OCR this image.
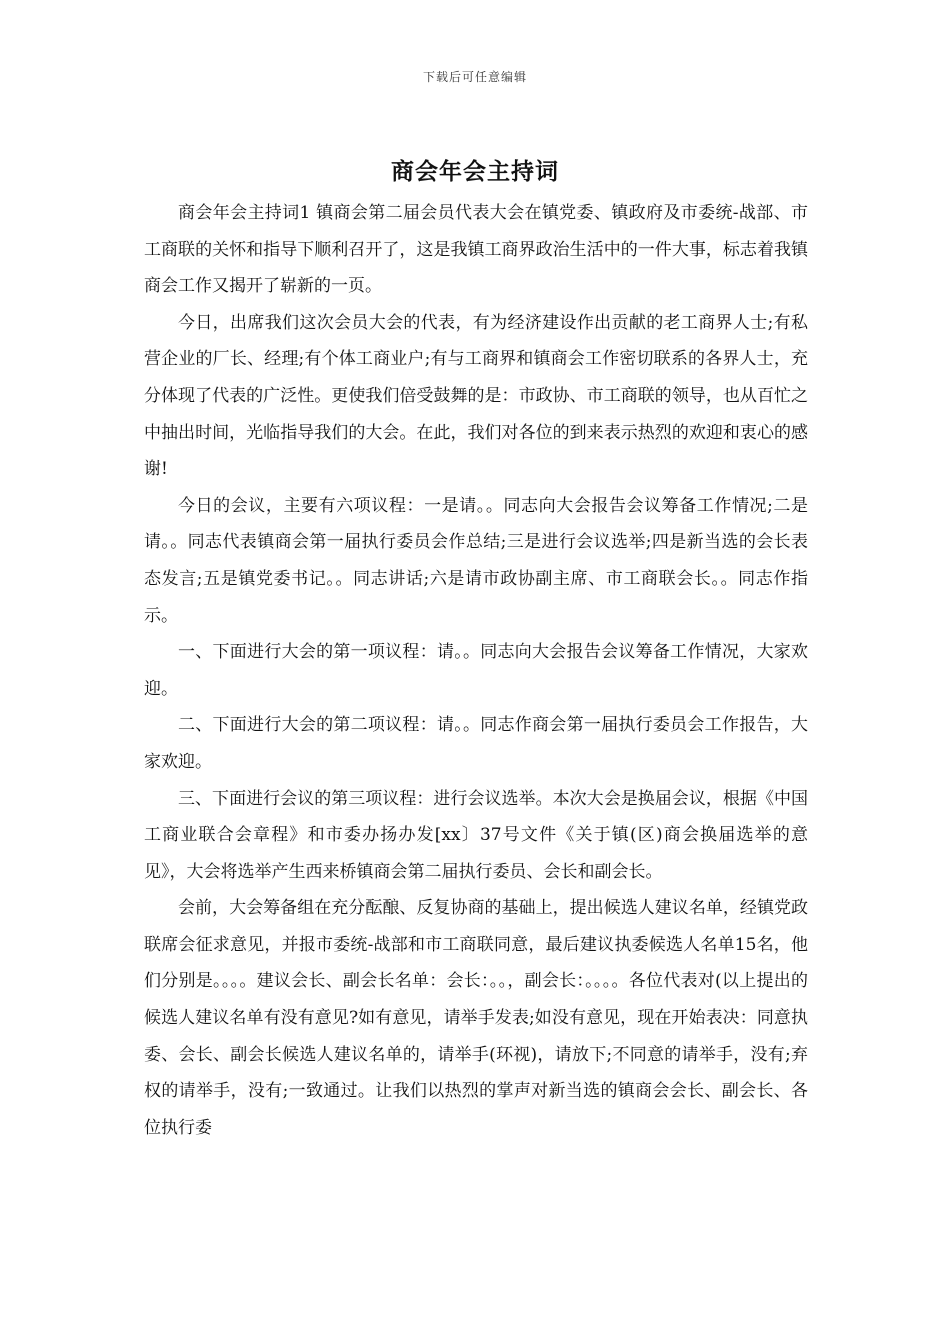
下载后可任意编辑
商会年会主持词

商会年会主持词1 镇商会第二届会员代表大会在镇党委、镇政府及市委统-战部、市工商联的关怀和指导下顺利召开了，这是我镇工商界政治生活中的一件大事，标志着我镇商会工作又揭开了崭新的一页。

今日，出席我们这次会员大会的代表，有为经济建设作出贡献的老工商界人士;有私营企业的厂长、经理;有个体工商业户;有与工商界和镇商会工作密切联系的各界人士，充分体现了代表的广泛性。更使我们倍受鼓舞的是：市政协、市工商联的领导，也从百忙之中抽出时间，光临指导我们的大会。在此，我们对各位的到来表示热烈的欢迎和衷心的感谢!

今日的会议，主要有六项议程：一是请。。同志向大会报告会议筹备工作情况;二是请。。同志代表镇商会第一届执行委员会作总结;三是进行会议选举;四是新当选的会长表态发言;五是镇党委书记。。同志讲话;六是请市政协副主席、市工商联会长。。同志作指示。

一、下面进行大会的第一项议程：请。。同志向大会报告会议筹备工作情况，大家欢迎。

二、下面进行大会的第二项议程：请。。同志作商会第一届执行委员会工作报告，大家欢迎。

三、下面进行会议的第三项议程：进行会议选举。本次大会是换届会议，根据《中国工商业联合会章程》和市委办扬办发[xx〕37号文件《关于镇(区)商会换届选举的意见》，大会将选举产生西来桥镇商会第二届执行委员、会长和副会长。

会前，大会筹备组在充分酝酿、反复协商的基础上，提出候选人建议名单，经镇党政联席会征求意见，并报市委统-战部和市工商联同意，最后建议执委候选人名单15名，他们分别是。。。。建议会长、副会长名单：会长：。。，副会长：。。。。各位代表对(以上提出的候选人建议名单有没有意见?如有意见，请举手发表;如没有意见，现在开始表决：同意执委、会长、副会长候选人建议名单的，请举手(环视)，请放下;不同意的请举手，没有;弃权的请举手，没有;一致通过。让我们以热烈的掌声对新当选的镇商会会长、副会长、各位执行委
